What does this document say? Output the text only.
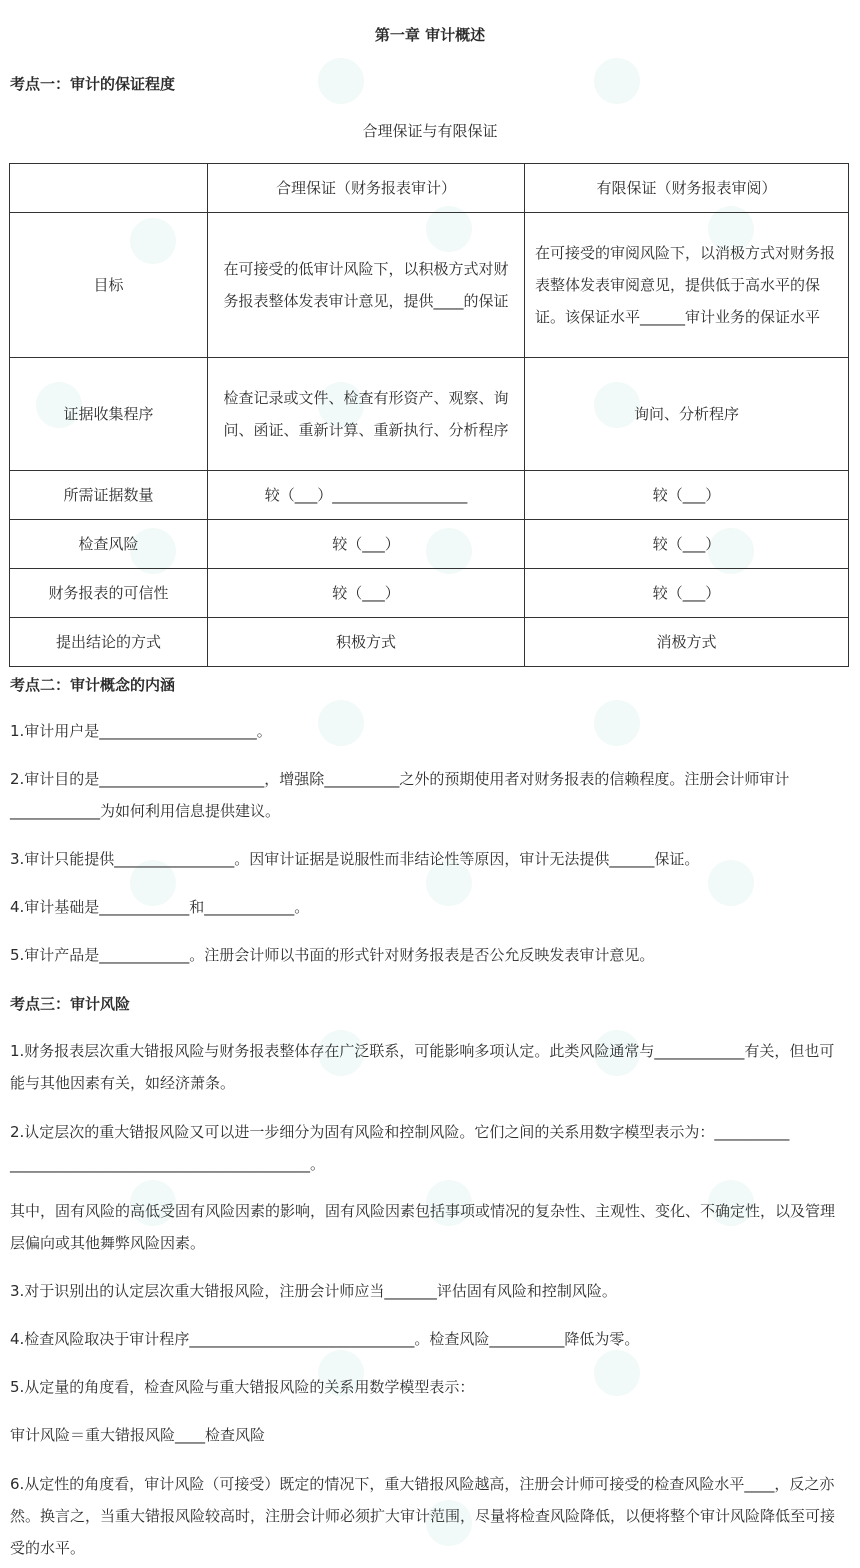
第一章 审计概述
考点一：审计的保证程度
合理保证与有限保证
	合理保证（财务报表审计）	有限保证（财务报表审阅）
目标	在可接受的低审计风险下，以积极方式对财务报表整体发表审计意见，提供____的保证	在可接受的审阅风险下，以消极方式对财务报表整体发表审阅意见，提供低于高水平的保证。该保证水平______审计业务的保证水平
证据收集程序	检查记录或文件、检查有形资产、观察、询问、函证、重新计算、重新执行、分析程序	询问、分析程序
所需证据数量	较（___）__________________	较（___）
检查风险	较（___）	较（___）
财务报表的可信性	较（___）	较（___）
提出结论的方式	积极方式	消极方式
考点二：审计概念的内涵

1.审计用户是_____________________。

2.审计目的是______________________，增强除__________之外的预期使用者对财务报表的信赖程度。注册会计师审计____________为如何利用信息提供建议。

3.审计只能提供________________。因审计证据是说服性而非结论性等原因，审计无法提供______保证。

4.审计基础是____________和____________。

5.审计产品是____________。注册会计师以书面的形式针对财务报表是否公允反映发表审计意见。

考点三：审计风险

1.财务报表层次重大错报风险与财务报表整体存在广泛联系，可能影响多项认定。此类风险通常与____________有关，但也可能与其他因素有关，如经济萧条。

2.认定层次的重大错报风险又可以进一步细分为固有风险和控制风险。它们之间的关系用数字模型表示为：__________ ________________________________________。

其中，固有风险的高低受固有风险因素的影响，固有风险因素包括事项或情况的复杂性、主观性、变化、不确定性，以及管理层偏向或其他舞弊风险因素。

3.对于识别出的认定层次重大错报风险，注册会计师应当_______评估固有风险和控制风险。

4.检查风险取决于审计程序______________________________。检查风险__________降低为零。

5.从定量的角度看，检查风险与重大错报风险的关系用数学模型表示：

审计风险＝重大错报风险____检查风险

6.从定性的角度看，审计风险（可接受）既定的情况下，重大错报风险越高，注册会计师可接受的检查风险水平____，反之亦然。换言之，当重大错报风险较高时，注册会计师必须扩大审计范围，尽量将检查风险降低，以便将整个审计风险降低至可接受的水平。
